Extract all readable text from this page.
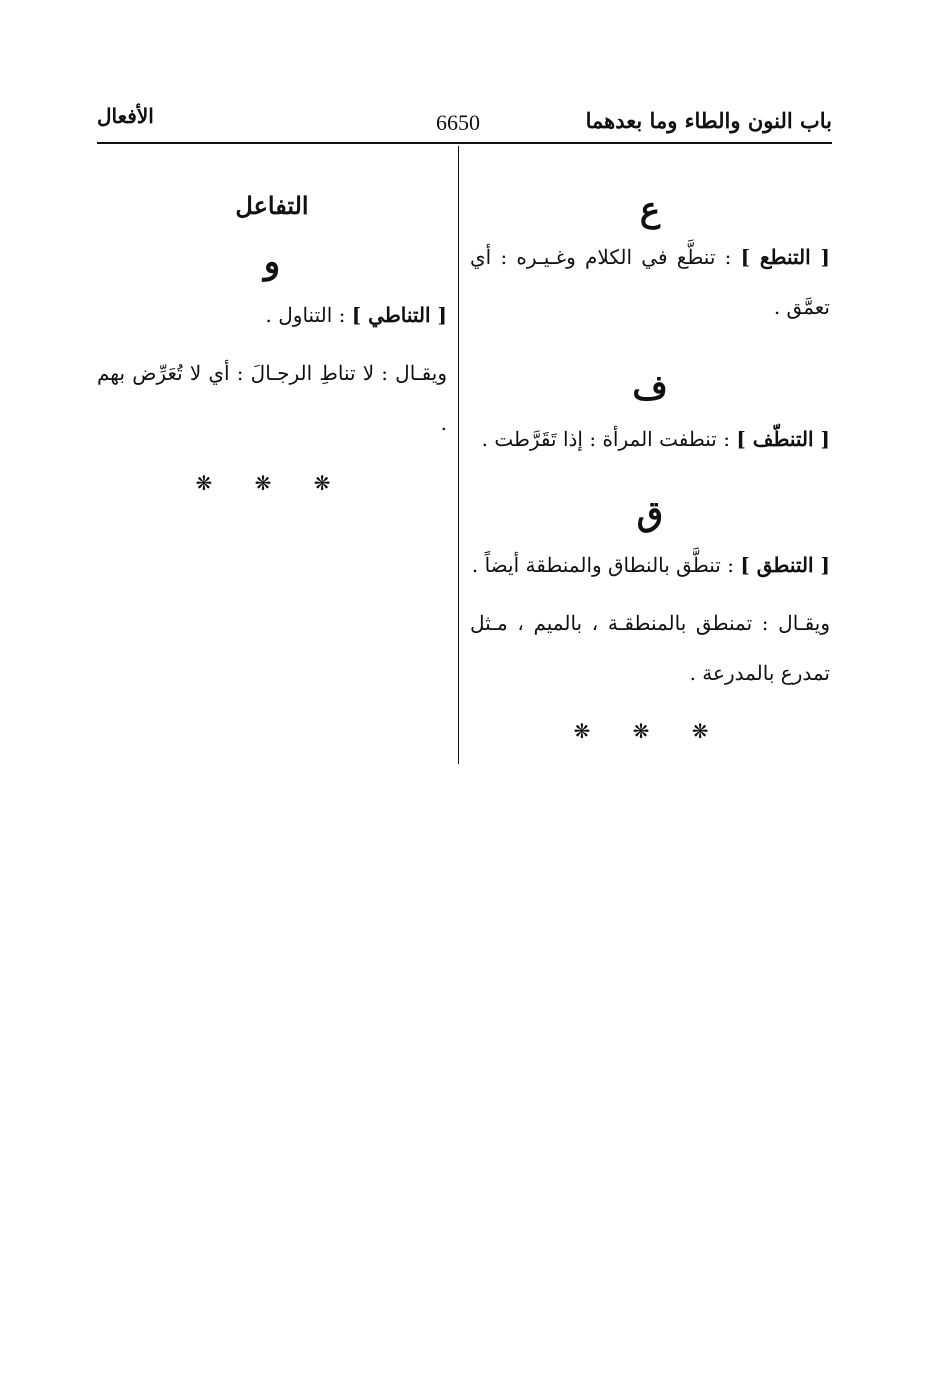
باب النون والطاء وما بعدهما
6650
الأفعال

ع

[ التنطع ] : تنطَّع في الكلام وغـيـره : أي تعمَّق .

ف

[ التنطّف ] : تنطفت المرأة : إذا تَقَرَّطت .

ق

[ التنطق ] : تنطَّق بالنطاق والمنطقة أيضاً .

ويقـال : تمنطق بالمنطقـة ، بالميم ، مـثل تمدرع بالمدرعة .

❋ ❋ ❋

التفاعل

و

[ التناطي ] : التناول .

ويقـال : لا تناطِ الرجـالَ : أي لا تُعَرِّض بهم .

❋ ❋ ❋
